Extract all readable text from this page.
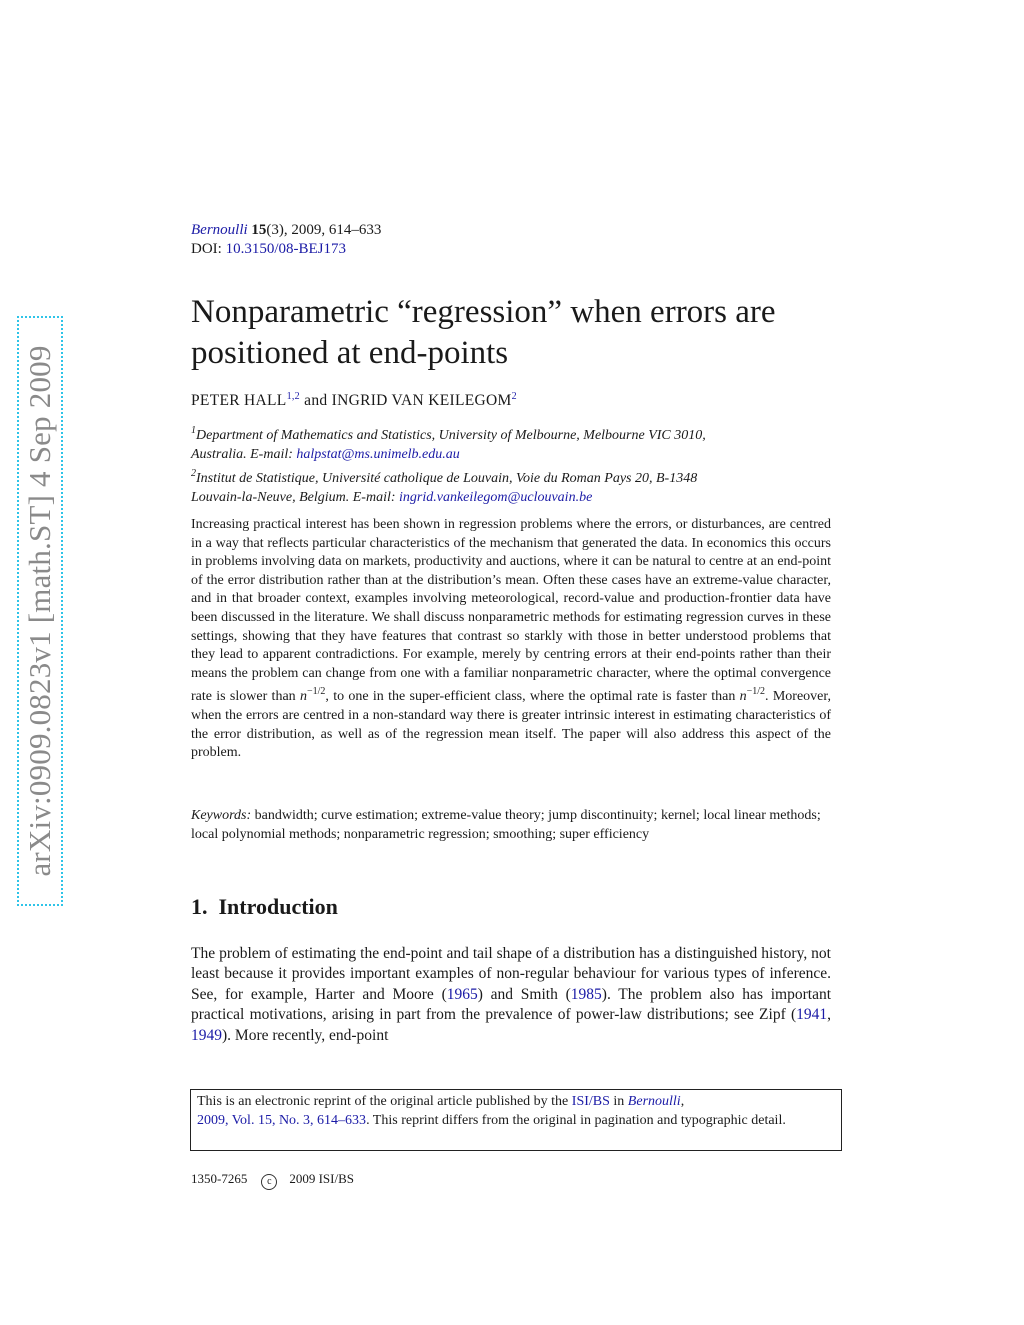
arXiv:0909.0823v1 [math.ST] 4 Sep 2009
Bernoulli 15(3), 2009, 614–633
DOI: 10.3150/08-BEJ173
Nonparametric “regression” when errors are positioned at end-points
PETER HALL$^{1,2}$ and INGRID VAN KEILEGOM$^2$
$^1$Department of Mathematics and Statistics, University of Melbourne, Melbourne VIC 3010,
Australia. E-mail: halpstat@ms.unimelb.edu.au
$^2$Institut de Statistique, Université catholique de Louvain, Voie du Roman Pays 20, B-1348
Louvain-la-Neuve, Belgium. E-mail: ingrid.vankeilegom@uclouvain.be
Increasing practical interest has been shown in regression problems where the errors, or disturbances, are centred in a way that reflects particular characteristics of the mechanism that generated the data. In economics this occurs in problems involving data on markets, productivity and auctions, where it can be natural to centre at an end-point of the error distribution rather than at the distribution’s mean. Often these cases have an extreme-value character, and in that broader context, examples involving meteorological, record-value and production-frontier data have been discussed in the literature. We shall discuss nonparametric methods for estimating regression curves in these settings, showing that they have features that contrast so starkly with those in better understood problems that they lead to apparent contradictions. For example, merely by centring errors at their end-points rather than their means the problem can change from one with a familiar nonparametric character, where the optimal convergence rate is slower than $n^{-1/2}$, to one in the super-efficient class, where the optimal rate is faster than $n^{-1/2}$. Moreover, when the errors are centred in a non-standard way there is greater intrinsic interest in estimating characteristics of the error distribution, as well as of the regression mean itself. The paper will also address this aspect of the problem.
Keywords: bandwidth; curve estimation; extreme-value theory; jump discontinuity; kernel; local linear methods; local polynomial methods; nonparametric regression; smoothing; super efficiency
1. Introduction
The problem of estimating the end-point and tail shape of a distribution has a distinguished history, not least because it provides important examples of non-regular behaviour for various types of inference. See, for example, Harter and Moore (1965) and Smith (1985). The problem also has important practical motivations, arising in part from the prevalence of power-law distributions; see Zipf (1941, 1949). More recently, end-point
This is an electronic reprint of the original article published by the ISI/BS in Bernoulli,
2009, Vol. 15, No. 3, 614–633. This reprint differs from the original in pagination and typographic detail.
1350-7265 c 2009 ISI/BS
